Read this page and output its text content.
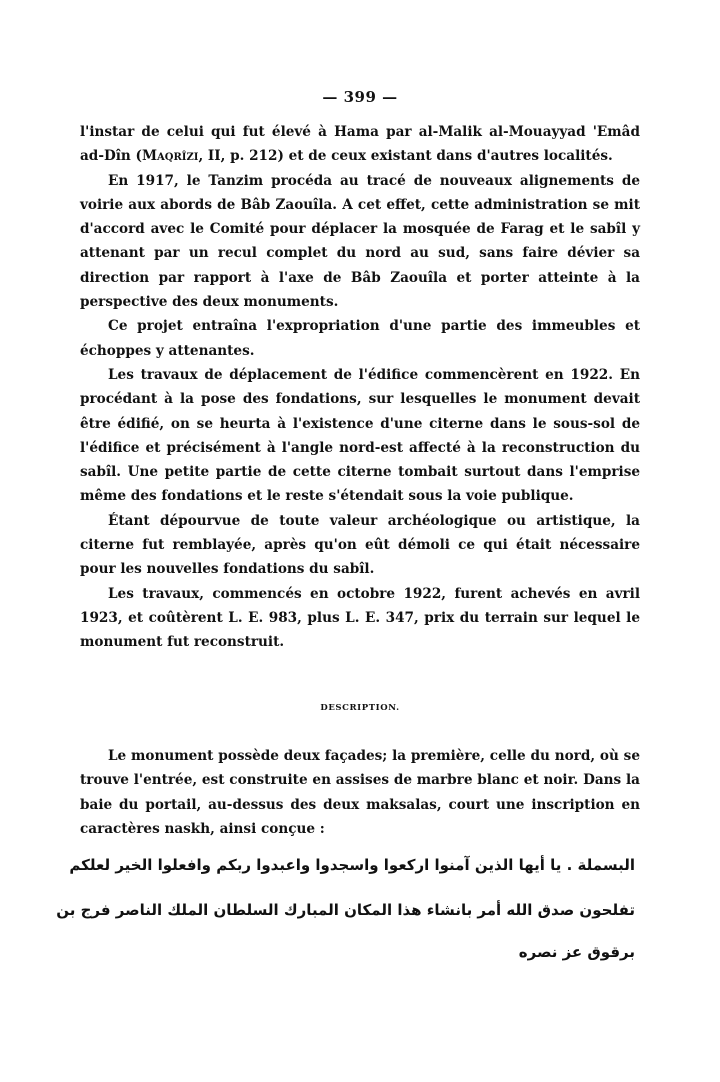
— 399 —

l'instar de celui qui fut élevé à Hama par al-Malik al-Mouayyad 'Emâd ad-Dîn (Maqrîzi, II, p. 212) et de ceux existant dans d'autres localités.

En 1917, le Tanzim procéda au tracé de nouveaux alignements de voirie aux abords de Bâb Zaouîla. A cet effet, cette administration se mit d'accord avec le Comité pour déplacer la mosquée de Farag et le sabîl y attenant par un recul complet du nord au sud, sans faire dévier sa direction par rapport à l'axe de Bâb Zaouîla et porter atteinte à la perspective des deux monuments.

Ce projet entraîna l'expropriation d'une partie des immeubles et échoppes y attenantes.

Les travaux de déplacement de l'édifice commencèrent en 1922. En procédant à la pose des fondations, sur lesquelles le monument devait être édifié, on se heurta à l'existence d'une citerne dans le sous-sol de l'édifice et précisément à l'angle nord-est affecté à la reconstruction du sabîl. Une petite partie de cette citerne tombait surtout dans l'emprise même des fondations et le reste s'étendait sous la voie publique.

Étant dépourvue de toute valeur archéologique ou artistique, la citerne fut remblayée, après qu'on eût démoli ce qui était nécessaire pour les nouvelles fondations du sabîl.

Les travaux, commencés en octobre 1922, furent achevés en avril 1923, et coûtèrent L. E. 983, plus L. E. 347, prix du terrain sur lequel le monument fut reconstruit.

DESCRIPTION.

Le monument possède deux façades; la première, celle du nord, où se trouve l'entrée, est construite en assises de marbre blanc et noir. Dans la baie du portail, au-dessus des deux maksalas, court une inscription en caractères naskh, ainsi conçue :

البسملة . يا أيها الذين آمنوا اركعوا واسجدوا واعبدوا ربكم وافعلوا الخير لعلكم
تفلحون صدق الله أمر بانشاء هذا المكان المبارك السلطان الملك الناصر فرج بن
برقوق عز نصره
